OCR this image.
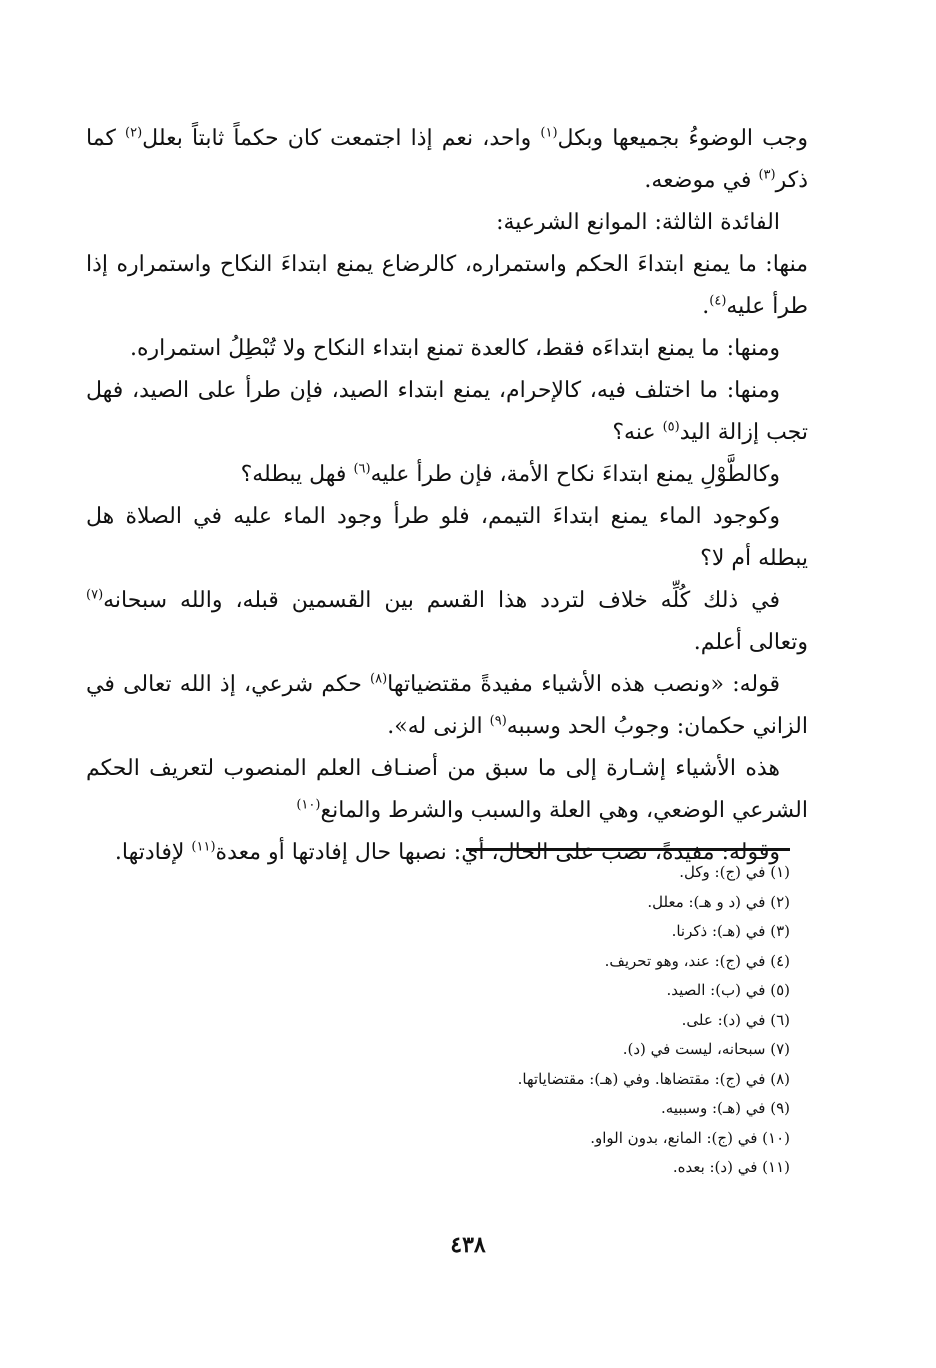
وجب الوضوءُ بجميعها وبكل$^{(١)}$ واحد، نعم إذا اجتمعت كان حكماً ثابتاً بعلل$^{(٢)}$ كما ذكر$^{(٣)}$ في موضعه.

الفائدة الثالثة: الموانع الشرعية:

منها: ما يمنع ابتداءَ الحكم واستمراره، كالرضاع يمنع ابتداءَ النكاح واستمراره إذا طرأ عليه$^{(٤)}$.

ومنها: ما يمنع ابتداءَه فقط، كالعدة تمنع ابتداء النكاح ولا تُبْطِلُ استمراره.

ومنها: ما اختلف فيه، كالإحرام، يمنع ابتداء الصيد، فإن طرأ على الصيد، فهل تجب إزالة اليد$^{(٥)}$ عنه؟

وكالطَّوْلِ يمنع ابتداءَ نكاح الأمة، فإن طرأ عليه$^{(٦)}$ فهل يبطله؟

وكوجود الماء يمنع ابتداءَ التيمم، فلو طرأ وجود الماء عليه في الصلاة هل يبطله أم لا؟

في ذلك كُلِّه خلاف لتردد هذا القسم بين القسمين قبله، والله سبحانه$^{(٧)}$ وتعالى أعلم.

قوله: «ونصب هذه الأشياء مفيدةً مقتضياتها$^{(٨)}$ حكم شرعي، إذ الله تعالى في الزاني حكمان: وجوبُ الحد وسببه$^{(٩)}$ الزنى له».

هذه الأشياء إشـارة إلى ما سبق من أصنـاف العلم المنصوب لتعريف الحكم الشرعي الوضعي، وهي العلة والسبب والشرط والمانع$^{(١٠)}$

وقوله: مفيدةً، نصب على الحال، أي: نصبها حال إفادتها أو معدة$^{(١١)}$ لإفادتها.

(١) في (ج): وكل.
(٢) في (د و هـ): معلل.
(٣) في (هـ): ذكرنا.
(٤) في (ج): عند، وهو تحريف.
(٥) في (ب): الصيد.
(٦) في (د): على.
(٧) سبحانه، ليست في (د).
(٨) في (ج): مقتضاها. وفي (هـ): مقتضاياتها.
(٩) في (هـ): وسببيه.
(١٠) في (ج): المانع، بدون الواو.
(١١) في (د): بعده.
٤٣٨
